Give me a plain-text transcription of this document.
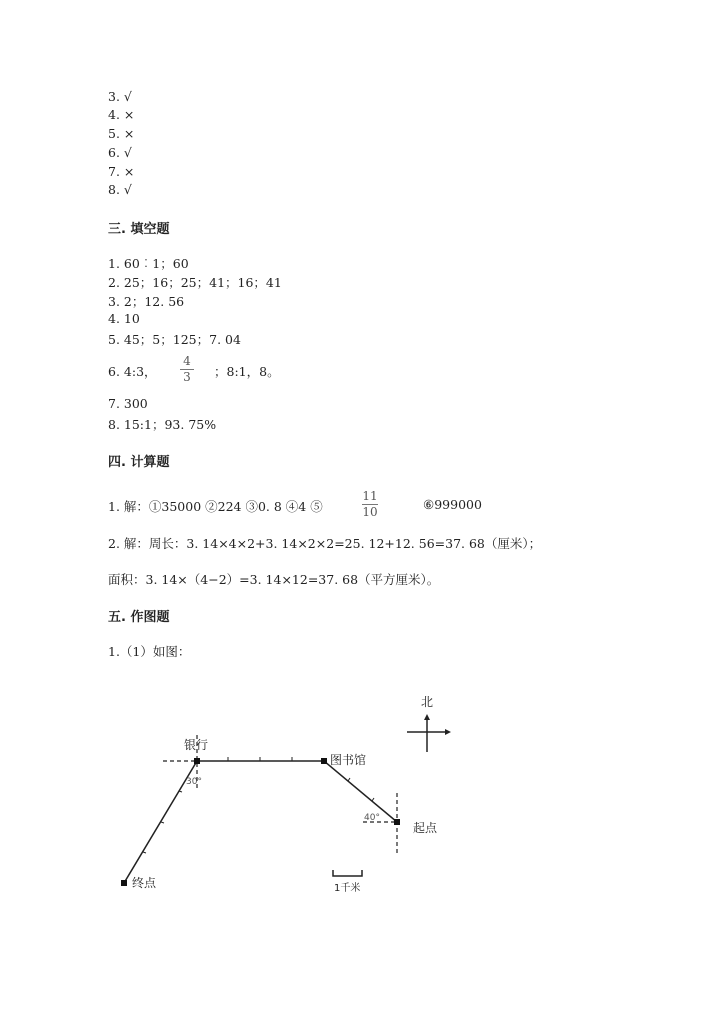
3. √
4. ×
5. ×
6. √
7. ×
8. √
三. 填空题
1. 60︰1；60
2. 25；16；25；41；16；41
3. 2；12. 56
4. 10
5. 45；5；125；7. 04
6. 4:3， $\frac{4}{3}$ ；8:1，8。
7. 300
8. 15:1；93. 75%
四. 计算题
1. 解：①35000 ②224 ③0. 8 ④4 ⑤	$\frac{11}{10}$	⑥999000
2. 解：周长：3. 14×4×2+3. 14×2×2=25. 12+12. 56=37. 68（厘米）；
面积：3. 14×（4−2）=3. 14×12=37. 68（平方厘米）。
五. 作图题
1.（1）如图：
北
银行
图书馆
起点
终点
30°
40°
1千米
